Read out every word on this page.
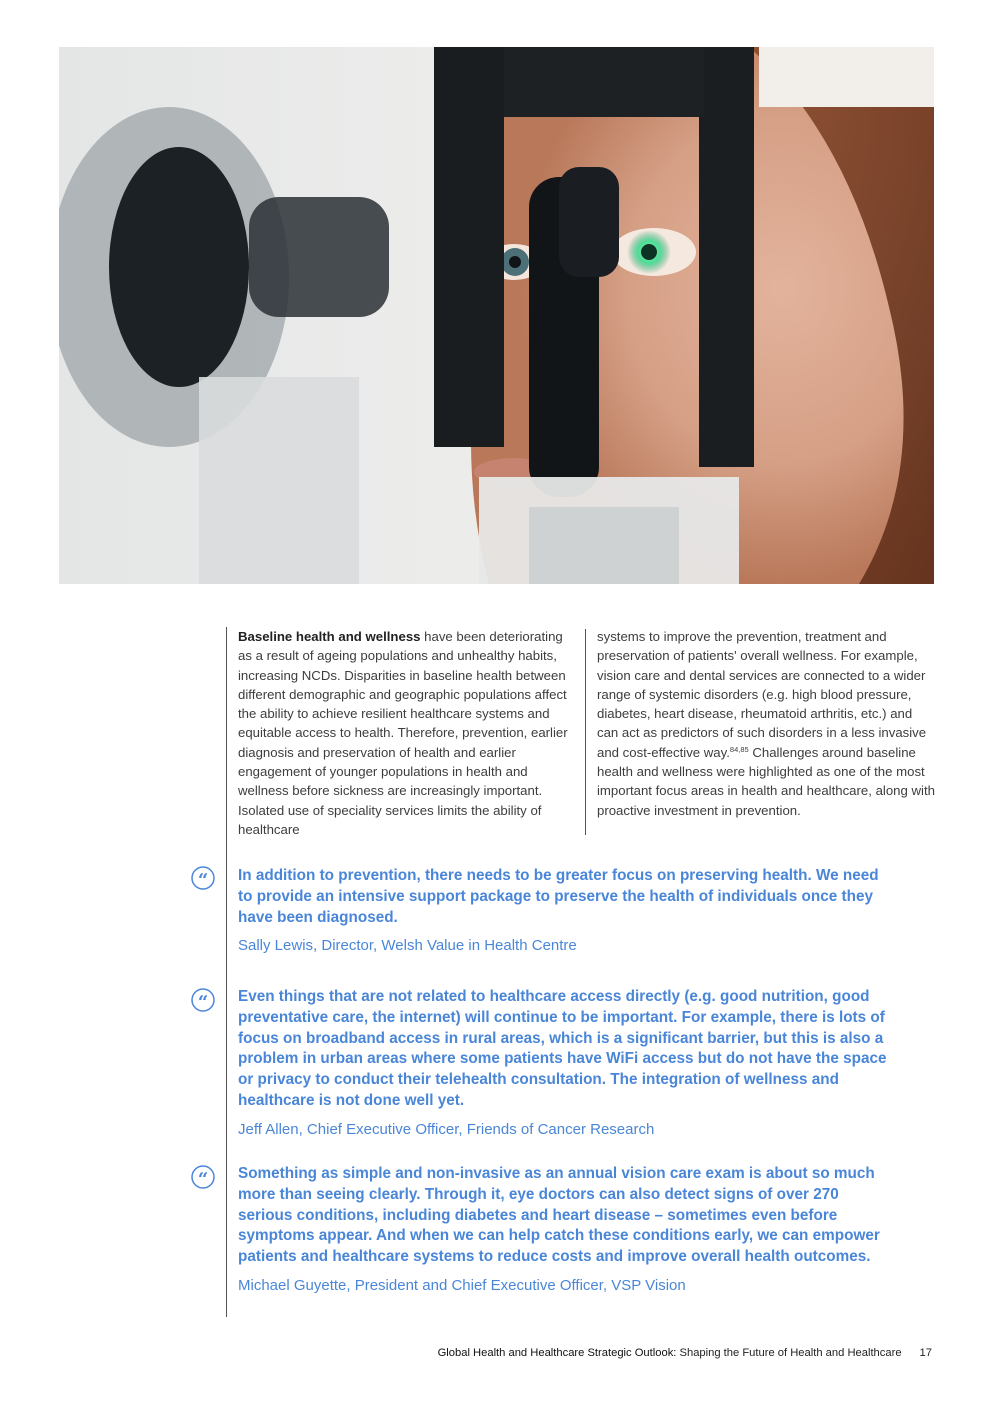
Baseline health and wellness have been deteriorating as a result of ageing populations and unhealthy habits, increasing NCDs. Disparities in baseline health between different demographic and geographic populations affect the ability to achieve resilient healthcare systems and equitable access to health. Therefore, prevention, earlier diagnosis and preservation of health and earlier engagement of younger populations in health and wellness before sickness are increasingly important. Isolated use of speciality services limits the ability of healthcare

systems to improve the prevention, treatment and preservation of patients' overall wellness. For example, vision care and dental services are connected to a wider range of systemic disorders (e.g. high blood pressure, diabetes, heart disease, rheumatoid arthritis, etc.) and can act as predictors of such disorders in a less invasive and cost-effective way.$^{84,85}$ Challenges around baseline health and wellness were highlighted as one of the most important focus areas in health and healthcare, along with proactive investment in prevention.

“
“
“

In addition to prevention, there needs to be greater focus on preserving health. We need to provide an intensive support package to preserve the health of individuals once they have been diagnosed.

Sally Lewis, Director, Welsh Value in Health Centre

Even things that are not related to healthcare access directly (e.g. good nutrition, good preventative care, the internet) will continue to be important. For example, there is lots of focus on broadband access in rural areas, which is a significant barrier, but this is also a problem in urban areas where some patients have WiFi access but do not have the space or privacy to conduct their telehealth consultation. The integration of wellness and healthcare is not done well yet.

Jeff Allen, Chief Executive Officer, Friends of Cancer Research

Something as simple and non-invasive as an annual vision care exam is about so much more than seeing clearly. Through it, eye doctors can also detect signs of over 270 serious conditions, including diabetes and heart disease – sometimes even before symptoms appear. And when we can help catch these conditions early, we can empower patients and healthcare systems to reduce costs and improve overall health outcomes.

Michael Guyette, President and Chief Executive Officer, VSP Vision

Global Health and Healthcare Strategic Outlook: Shaping the Future of Health and Healthcare 17
